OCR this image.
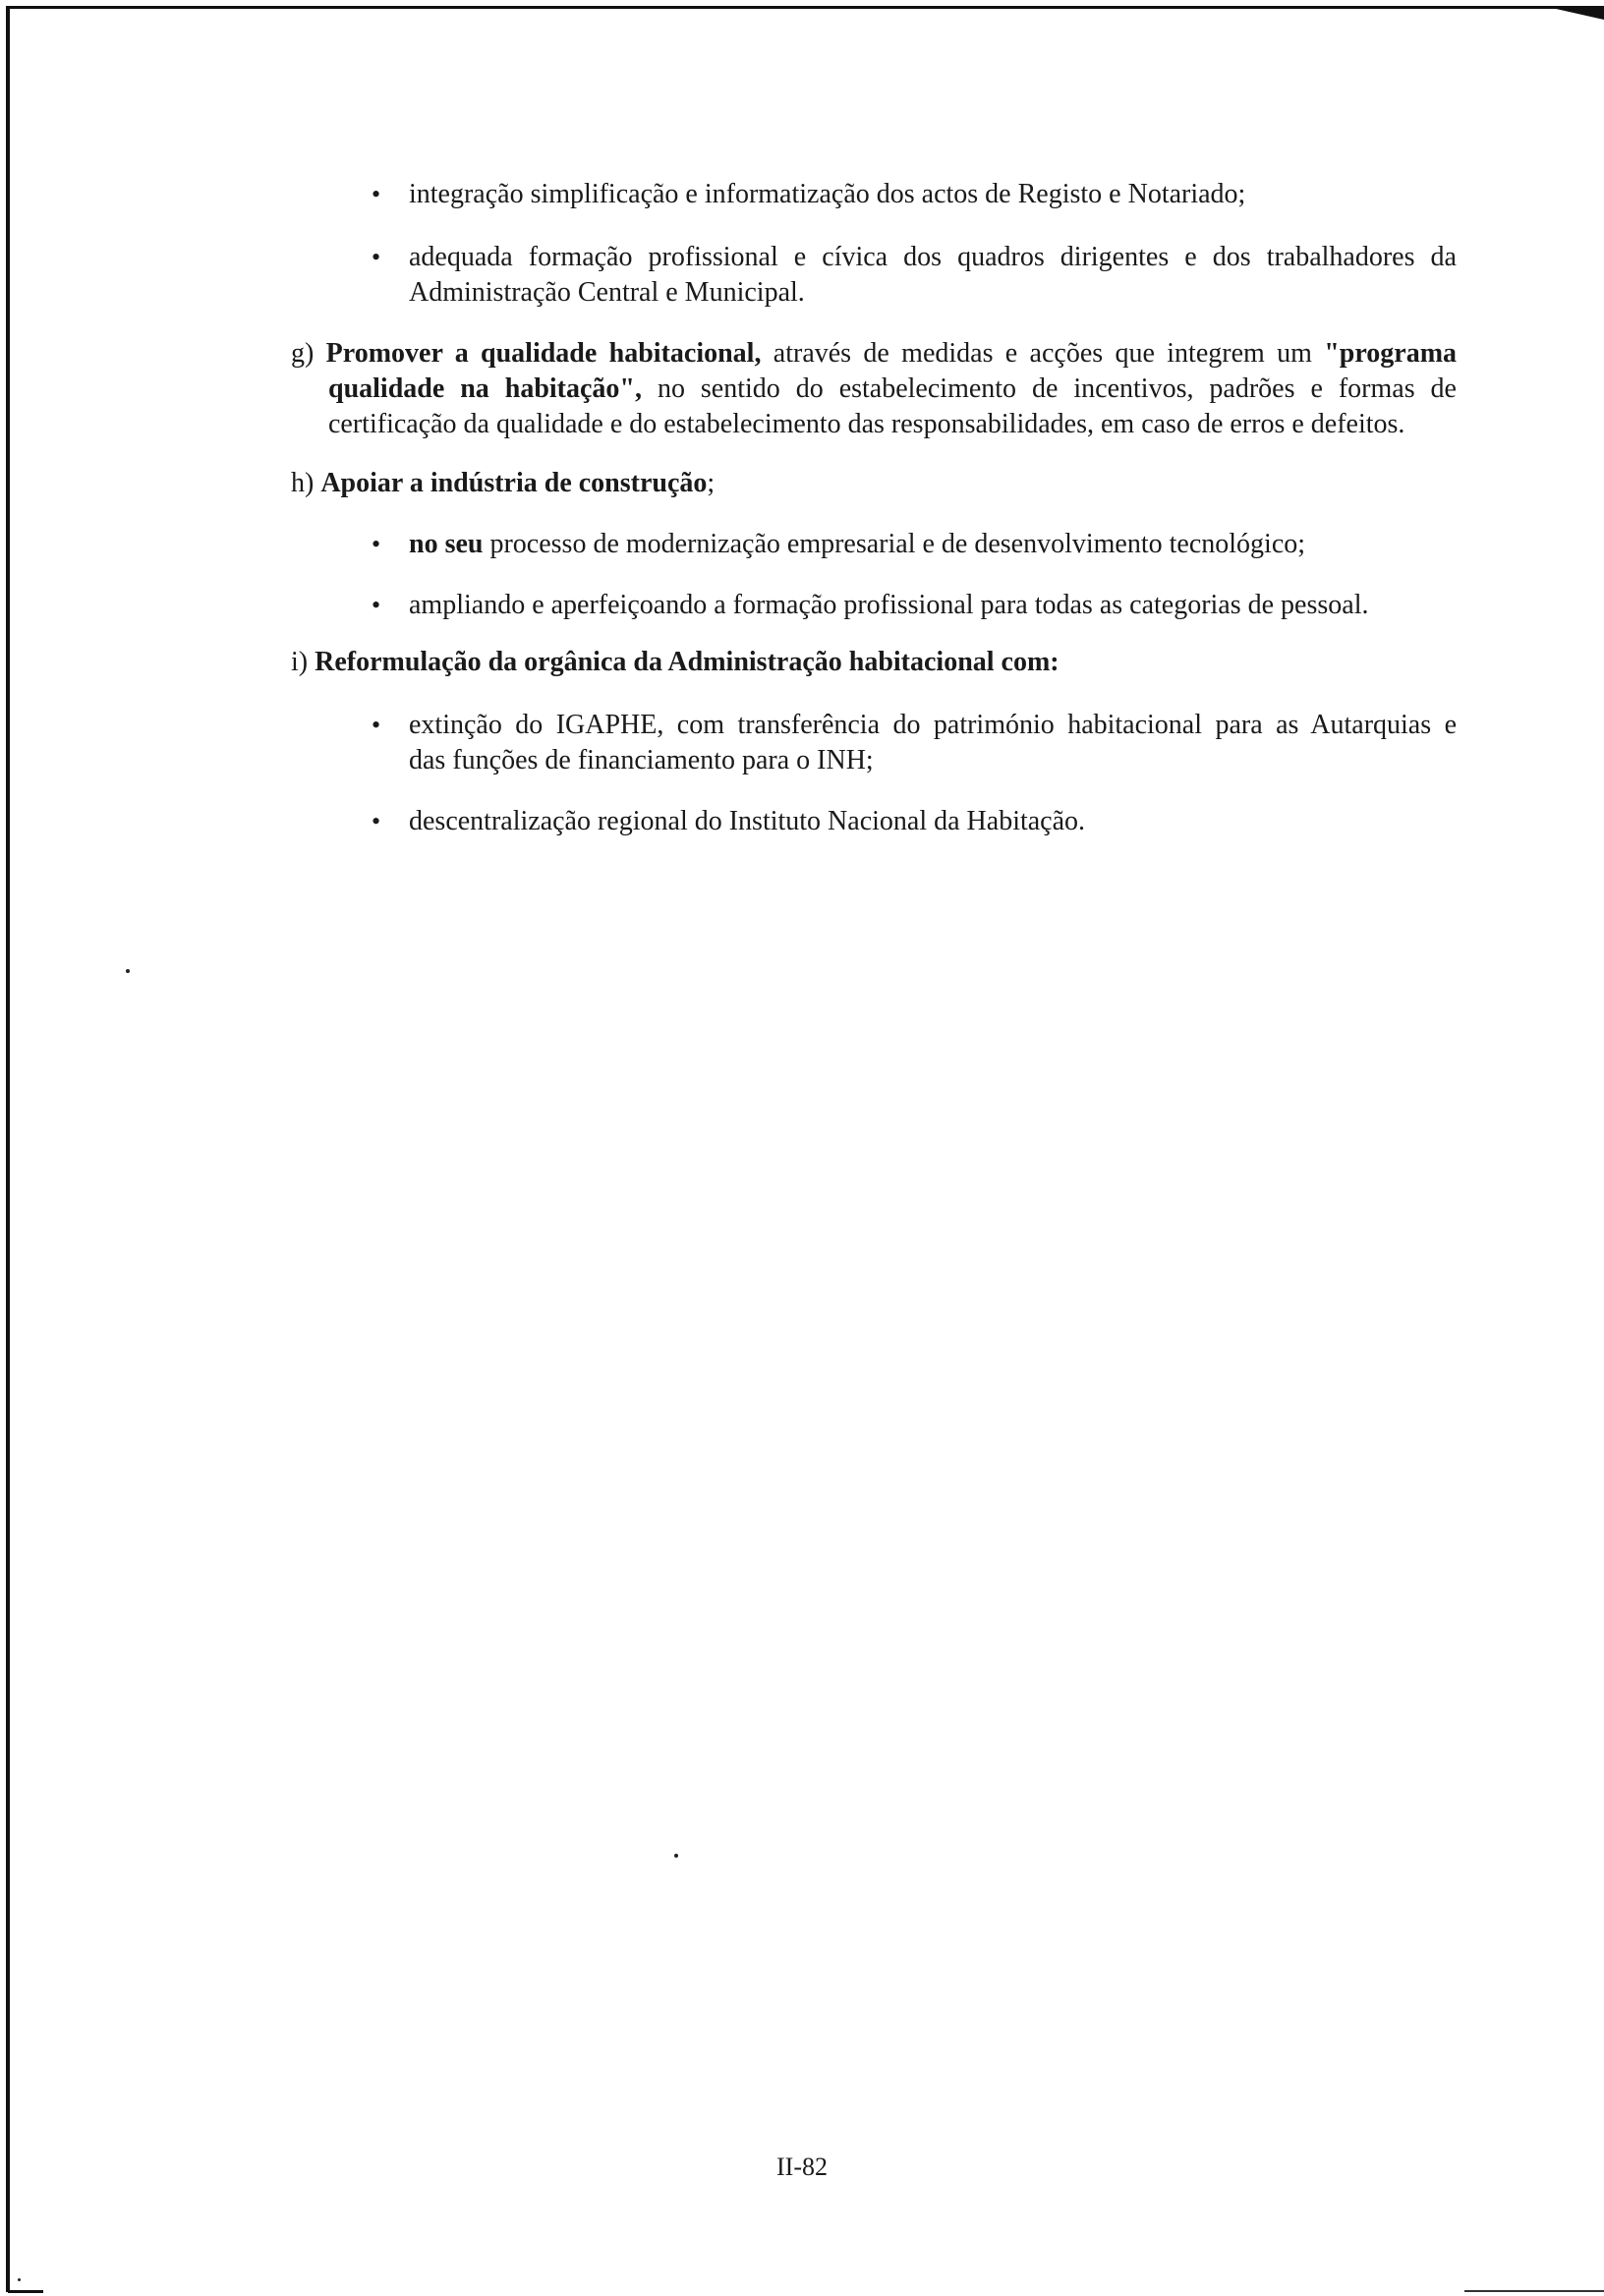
• integração simplificação e informatização dos actos de Registo e Notariado;
• adequada formação profissional e cívica dos quadros dirigentes e dos trabalhadores da
Administração Central e Municipal.
g) Promover a qualidade habitacional, através de medidas e acções que integrem um "programa
qualidade na habitação", no sentido do estabelecimento de incentivos, padrões e formas de
certificação da qualidade e do estabelecimento das responsabilidades, em caso de erros e defeitos.
h) Apoiar a indústria de construção;
• no seu processo de modernização empresarial e de desenvolvimento tecnológico;
• ampliando e aperfeiçoando a formação profissional para todas as categorias de pessoal.
i) Reformulação da orgânica da Administração habitacional com:
• extinção do IGAPHE, com transferência do património habitacional para as Autarquias e
das funções de financiamento para o INH;
• descentralização regional do Instituto Nacional da Habitação.
II-82
